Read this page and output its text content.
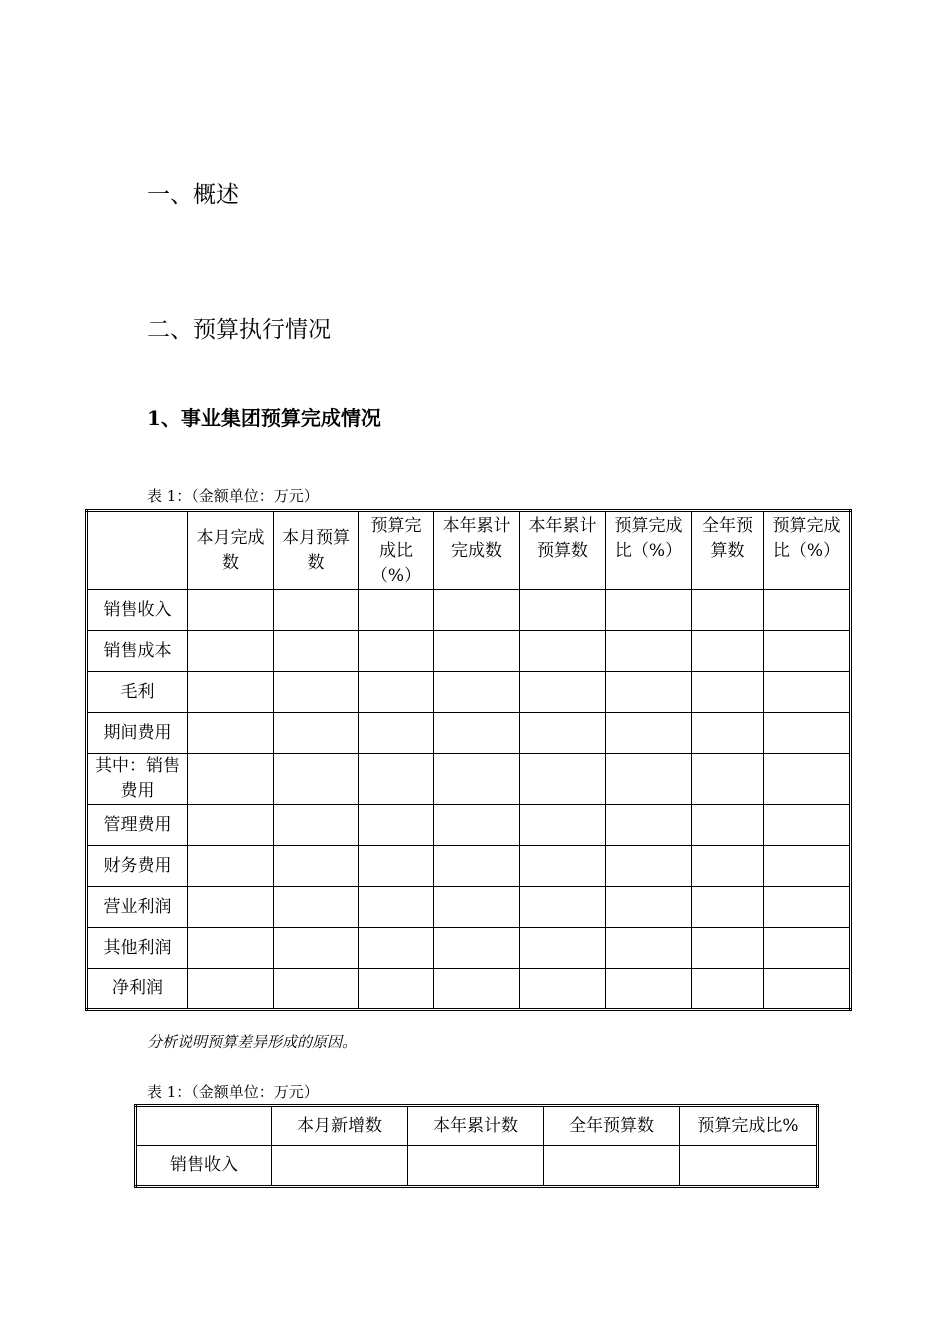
一、概述
二、预算执行情况
1、事业集团预算完成情况
表 1：（金额单位：万元）
	本月完成数	本月预算数	预算完成比（%）	本年累计完成数	本年累计预算数	预算完成比（%）	全年预算数	预算完成比（%）
销售收入								
销售成本								
毛利								
期间费用								
其中：销售费用								
管理费用								
财务费用								
营业利润								
其他利润								
净利润								
分析说明预算差异形成的原因。
表 1：（金额单位：万元）
	本月新增数	本年累计数	全年预算数	预算完成比%
销售收入				
